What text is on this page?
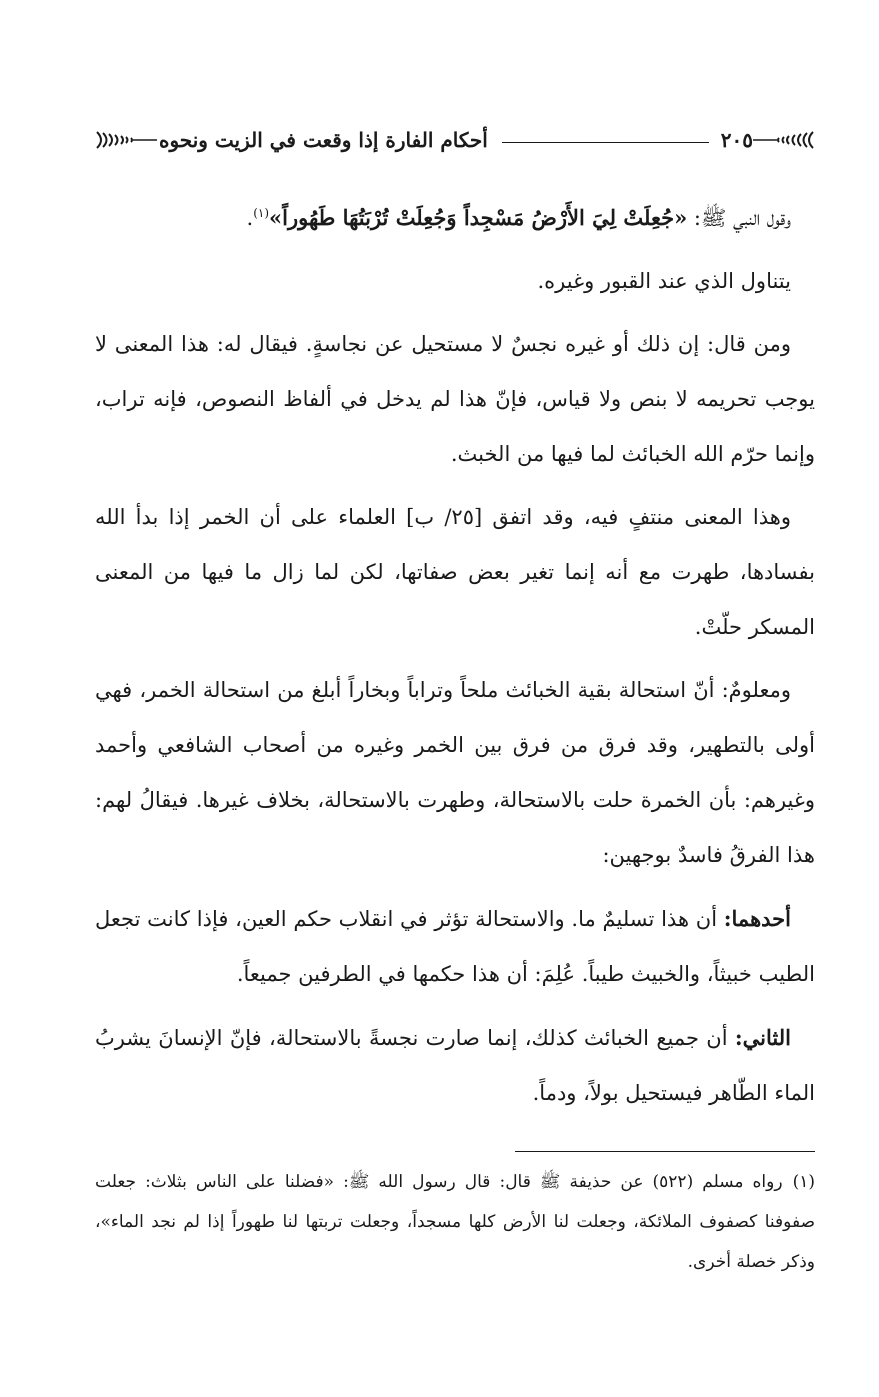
٢٠٥
أحكام الفارة إذا وقعت في الزيت ونحوه

وقول النبي ﷺ: «جُعِلَتْ لِيَ الأَرْضُ مَسْجِداً وَجُعِلَتْ تُرْبَتُهَا طَهُوراً»$^{(١)}$.

يتناول الذي عند القبور وغيره.

ومن قال: إن ذلك أو غيره نجسٌ لا مستحيل عن نجاسةٍ. فيقال له: هذا المعنى لا يوجب تحريمه لا بنص ولا قياس، فإنّ هذا لم يدخل في ألفاظ النصوص، فإنه تراب، وإنما حرّم الله الخبائث لما فيها من الخبث.

وهذا المعنى منتفٍ فيه، وقد اتفق [٢٥/ ب] العلماء على أن الخمر إذا بدأ الله بفسادها، طهرت مع أنه إنما تغير بعض صفاتها، لكن لما زال ما فيها من المعنى المسكر حلّتْ.

ومعلومٌ: أنّ استحالة بقية الخبائث ملحاً وتراباً وبخاراً أبلغ من استحالة الخمر، فهي أولى بالتطهير، وقد فرق من فرق بين الخمر وغيره من أصحاب الشافعي وأحمد وغيرهم: بأن الخمرة حلت بالاستحالة، وطهرت بالاستحالة، بخلاف غيرها. فيقالُ لهم: هذا الفرقُ فاسدٌ بوجهين:

أحدهما: أن هذا تسليمٌ ما. والاستحالة تؤثر في انقلاب حكم العين، فإذا كانت تجعل الطيب خبيثاً، والخبيث طيباً. عُلِمَ: أن هذا حكمها في الطرفين جميعاً.

الثاني: أن جميع الخبائث كذلك، إنما صارت نجسةً بالاستحالة، فإنّ الإنسانَ يشربُ الماء الطّاهر فيستحيل بولاً، ودماً.

(١)رواه مسلم (٥٢٢) عن حذيفة ﷺ قال: قال رسول الله ﷺ: «فضلنا على الناس بثلاث: جعلت صفوفنا كصفوف الملائكة، وجعلت لنا الأرض كلها مسجداً، وجعلت تربتها لنا طهوراً إذا لم نجد الماء»، وذكر خصلة أخرى.
